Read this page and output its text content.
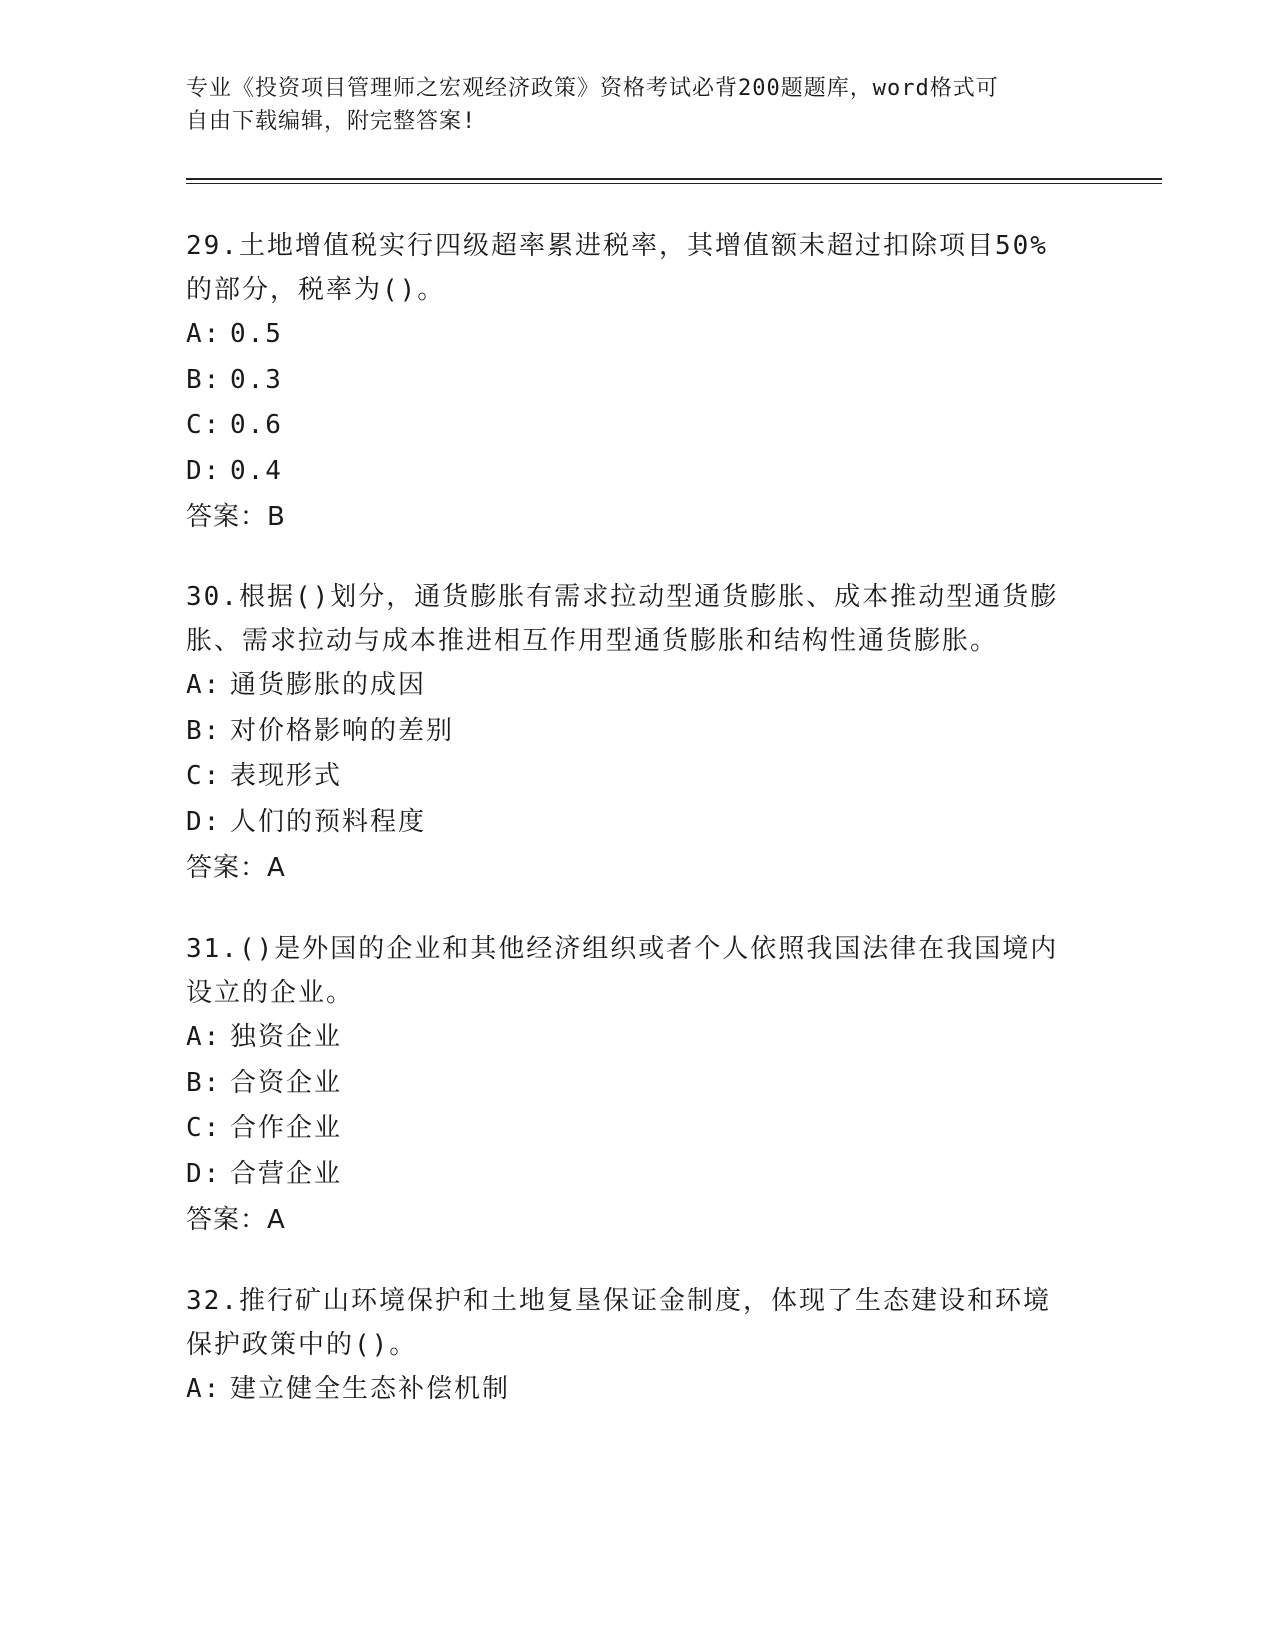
专业《投资项目管理师之宏观经济政策》资格考试必背200题题库，word格式可
自由下载编辑，附完整答案!
29.土地增值税实行四级超率累进税率，其增值额未超过扣除项目50%
的部分，税率为()。
A: 0.5
B: 0.3
C: 0.6
D: 0.4
答案：B
30.根据()划分，通货膨胀有需求拉动型通货膨胀、成本推动型通货膨
胀、需求拉动与成本推进相互作用型通货膨胀和结构性通货膨胀。
A: 通货膨胀的成因
B: 对价格影响的差别
C: 表现形式
D: 人们的预料程度
答案：A
31.()是外国的企业和其他经济组织或者个人依照我国法律在我国境内
设立的企业。
A: 独资企业
B: 合资企业
C: 合作企业
D: 合营企业
答案：A
32.推行矿山环境保护和土地复垦保证金制度，体现了生态建设和环境
保护政策中的()。
A: 建立健全生态补偿机制
